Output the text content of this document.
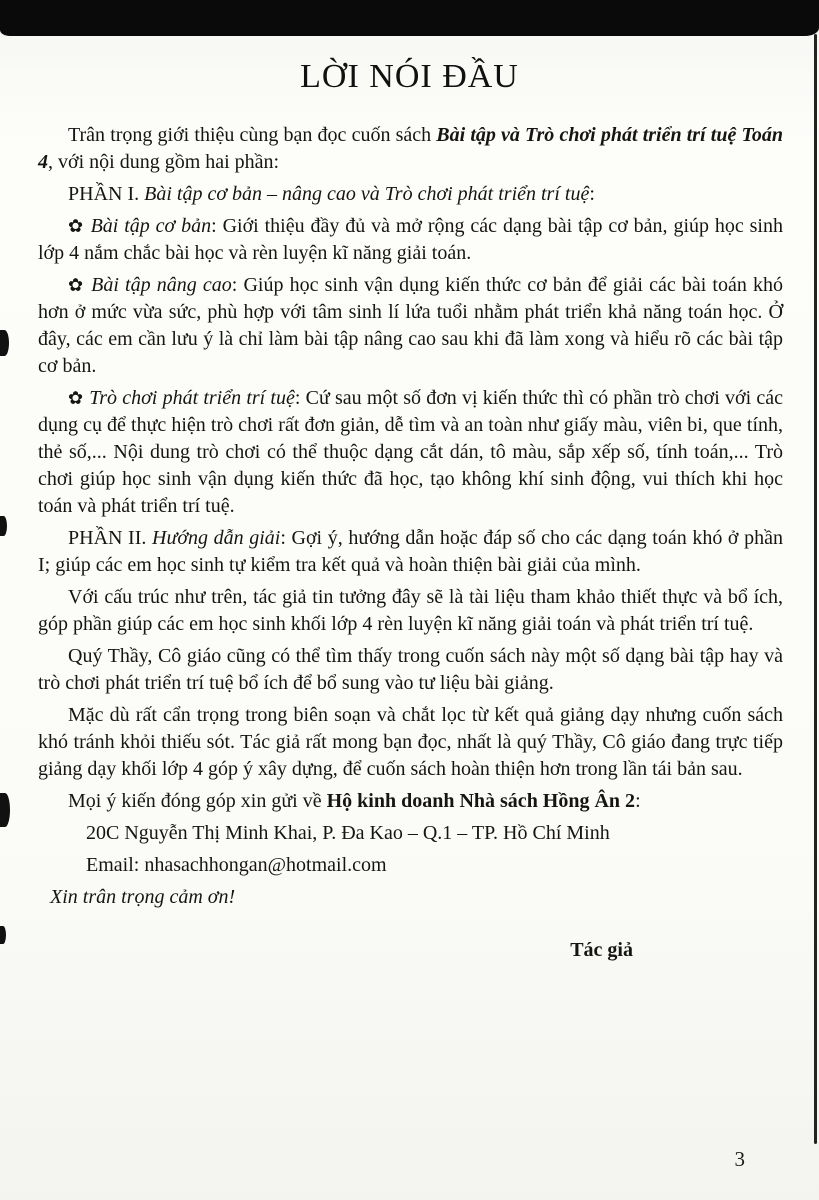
LỜI NÓI ĐẦU

Trân trọng giới thiệu cùng bạn đọc cuốn sách Bài tập và Trò chơi phát triển trí tuệ Toán 4, với nội dung gồm hai phần:

PHẦN I. Bài tập cơ bản – nâng cao và Trò chơi phát triển trí tuệ:

✿ Bài tập cơ bản: Giới thiệu đầy đủ và mở rộng các dạng bài tập cơ bản, giúp học sinh lớp 4 nắm chắc bài học và rèn luyện kĩ năng giải toán.

✿ Bài tập nâng cao: Giúp học sinh vận dụng kiến thức cơ bản để giải các bài toán khó hơn ở mức vừa sức, phù hợp với tâm sinh lí lứa tuổi nhằm phát triển khả năng toán học. Ở đây, các em cần lưu ý là chỉ làm bài tập nâng cao sau khi đã làm xong và hiểu rõ các bài tập cơ bản.

✿ Trò chơi phát triển trí tuệ: Cứ sau một số đơn vị kiến thức thì có phần trò chơi với các dụng cụ để thực hiện trò chơi rất đơn giản, dễ tìm và an toàn như giấy màu, viên bi, que tính, thẻ số,... Nội dung trò chơi có thể thuộc dạng cắt dán, tô màu, sắp xếp số, tính toán,... Trò chơi giúp học sinh vận dụng kiến thức đã học, tạo không khí sinh động, vui thích khi học toán và phát triển trí tuệ.

PHẦN II. Hướng dẫn giải: Gợi ý, hướng dẫn hoặc đáp số cho các dạng toán khó ở phần I; giúp các em học sinh tự kiểm tra kết quả và hoàn thiện bài giải của mình.

Với cấu trúc như trên, tác giả tin tưởng đây sẽ là tài liệu tham khảo thiết thực và bổ ích, góp phần giúp các em học sinh khối lớp 4 rèn luyện kĩ năng giải toán và phát triển trí tuệ.

Quý Thầy, Cô giáo cũng có thể tìm thấy trong cuốn sách này một số dạng bài tập hay và trò chơi phát triển trí tuệ bổ ích để bổ sung vào tư liệu bài giảng.

Mặc dù rất cẩn trọng trong biên soạn và chắt lọc từ kết quả giảng dạy nhưng cuốn sách khó tránh khỏi thiếu sót. Tác giả rất mong bạn đọc, nhất là quý Thầy, Cô giáo đang trực tiếp giảng dạy khối lớp 4 góp ý xây dựng, để cuốn sách hoàn thiện hơn trong lần tái bản sau.

Mọi ý kiến đóng góp xin gửi về Hộ kinh doanh Nhà sách Hồng Ân 2:

20C Nguyễn Thị Minh Khai, P. Đa Kao – Q.1 – TP. Hồ Chí Minh

Email: nhasachhongan@hotmail.com

Xin trân trọng cảm ơn!

Tác giả

3
